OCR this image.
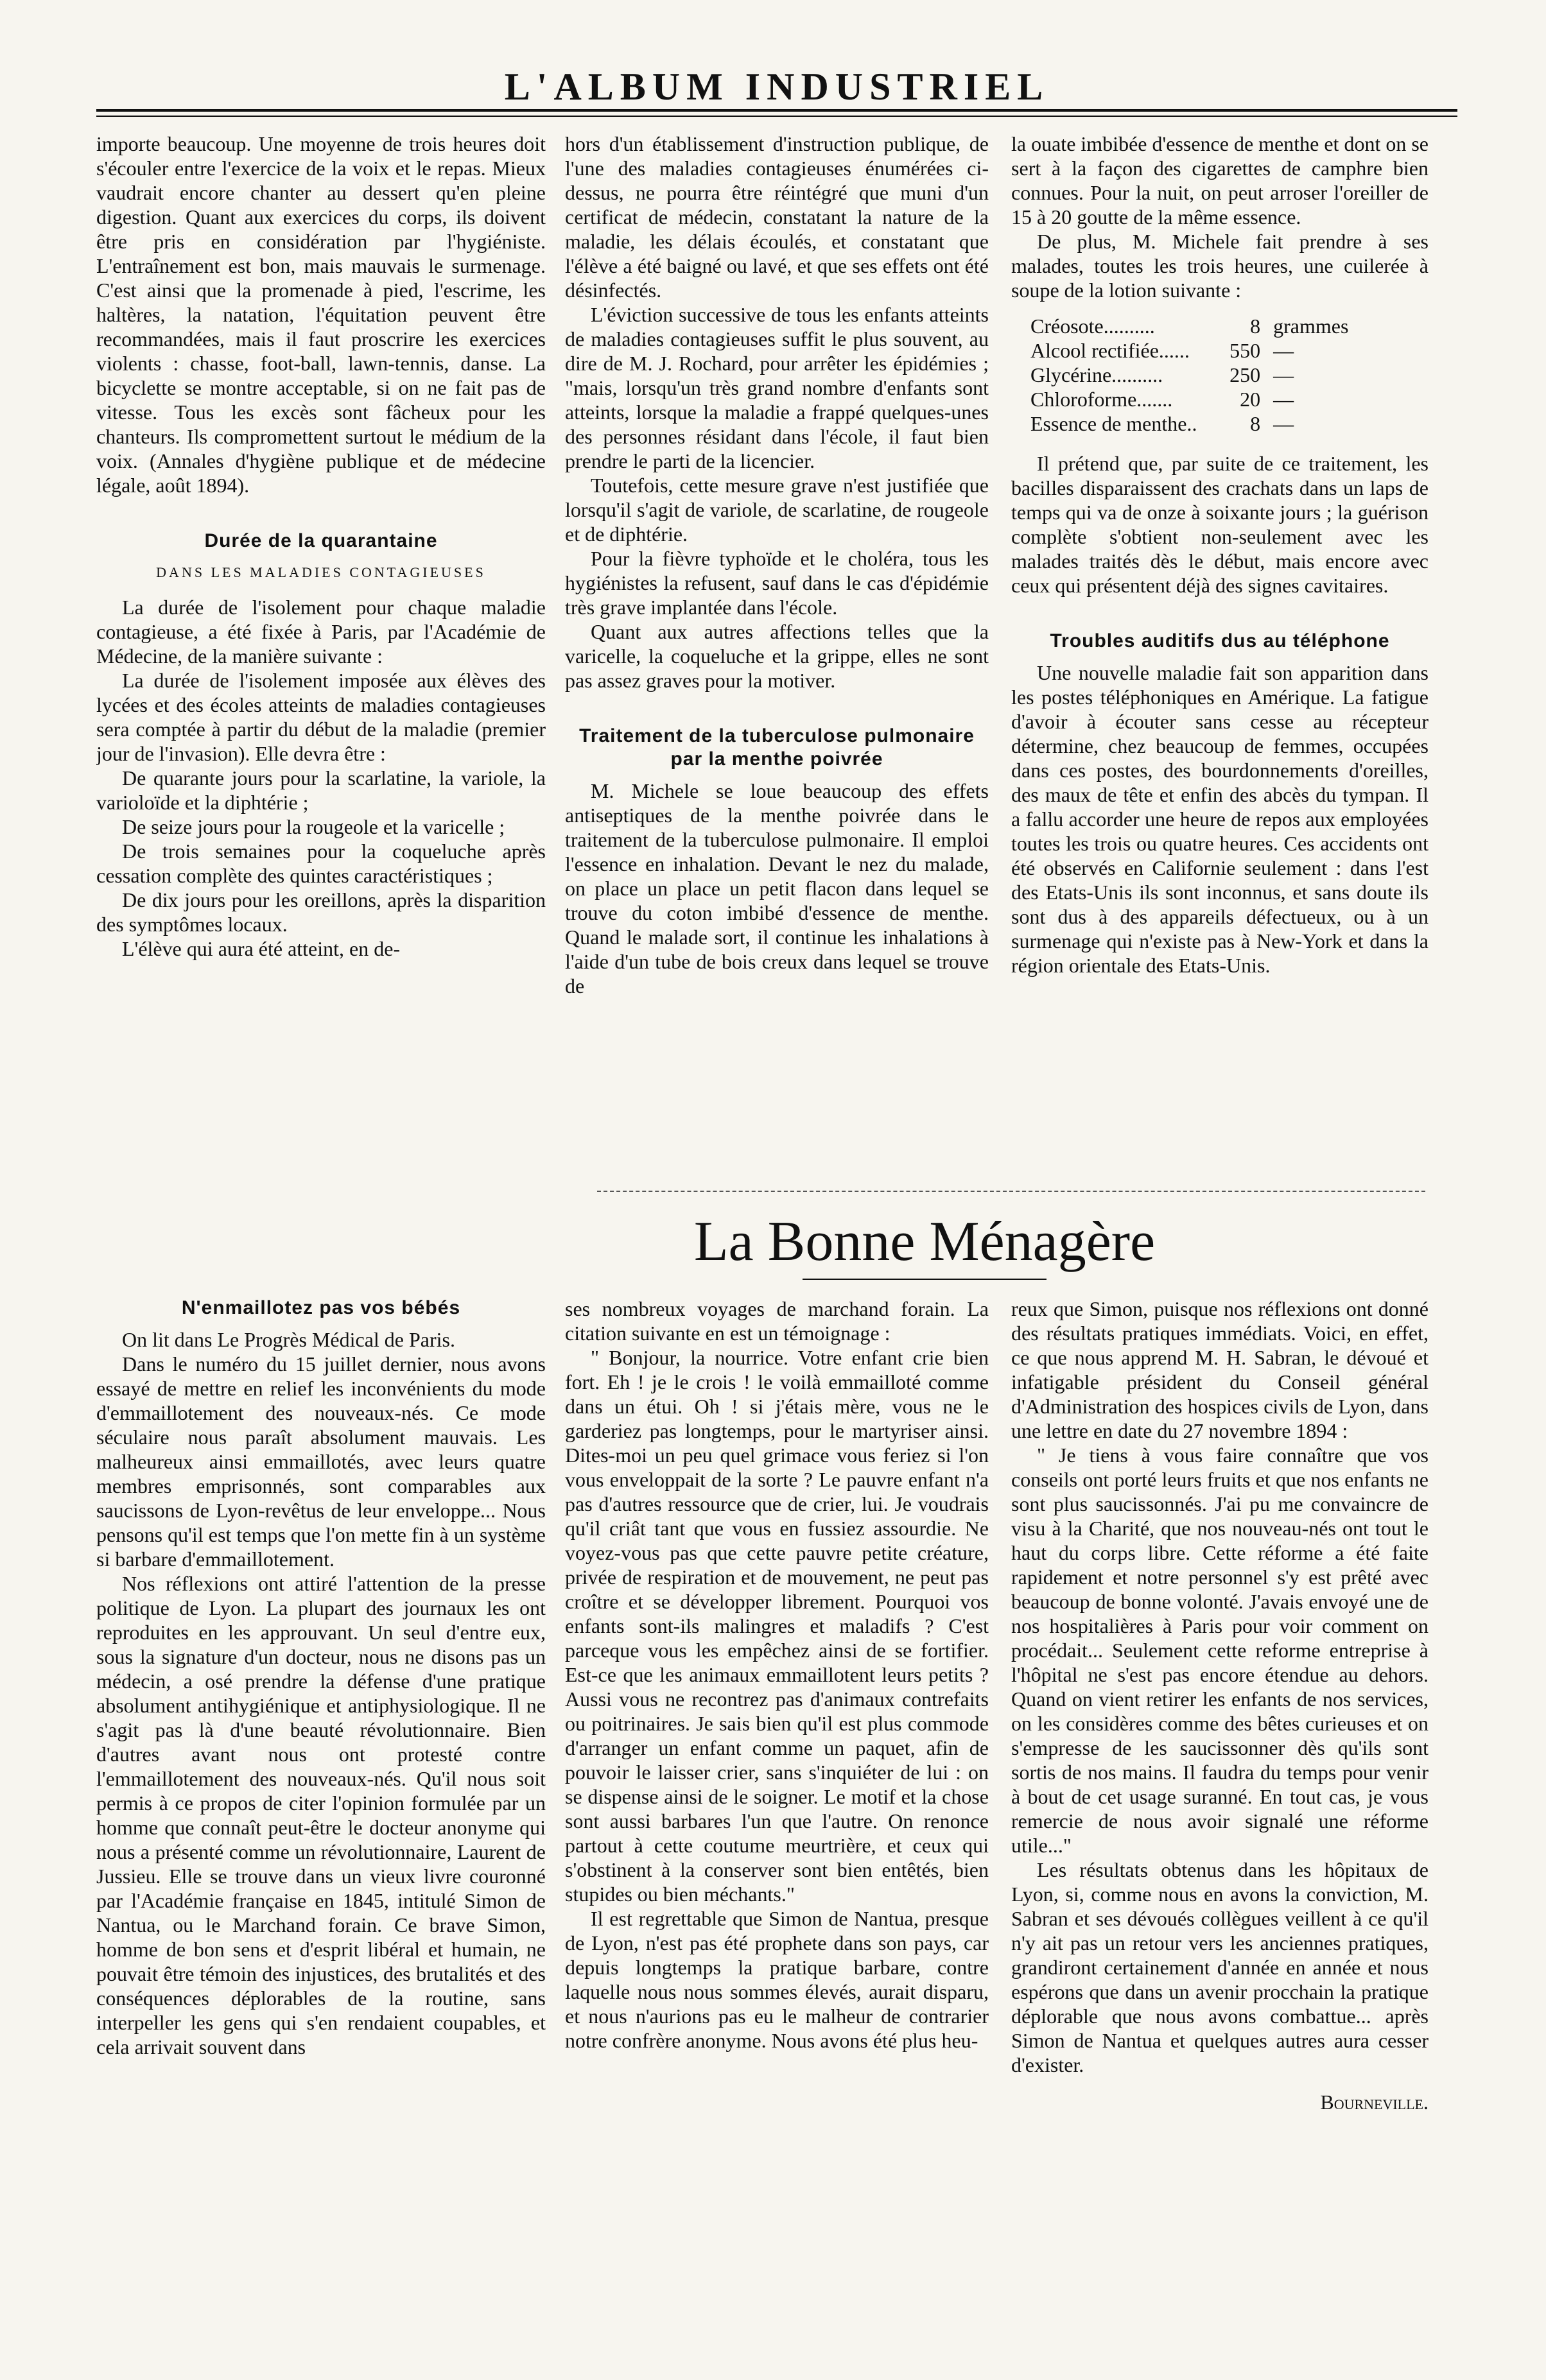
L'ALBUM INDUSTRIEL

importe beaucoup. Une moyenne de trois heures doit s'écouler entre l'exercice de la voix et le repas. Mieux vaudrait encore chanter au dessert qu'en pleine digestion. Quant aux exercices du corps, ils doivent être pris en considération par l'hygiéniste. L'entraînement est bon, mais mauvais le surmenage. C'est ainsi que la promenade à pied, l'escrime, les haltères, la natation, l'équitation peuvent être recommandées, mais il faut proscrire les exercices violents : chasse, foot-ball, lawn-tennis, danse. La bicyclette se montre acceptable, si on ne fait pas de vitesse. Tous les excès sont fâcheux pour les chanteurs. Ils compromettent surtout le médium de la voix. (Annales d'hygiène publique et de médecine légale, août 1894).

Durée de la quarantaine

DANS LES MALADIES CONTAGIEUSES

La durée de l'isolement pour chaque maladie contagieuse, a été fixée à Paris, par l'Académie de Médecine, de la manière suivante :

La durée de l'isolement imposée aux élèves des lycées et des écoles atteints de maladies contagieuses sera comptée à partir du début de la maladie (premier jour de l'invasion). Elle devra être :

De quarante jours pour la scarlatine, la variole, la varioloïde et la diphtérie ;
De seize jours pour la rougeole et la varicelle ;
De trois semaines pour la coqueluche après cessation complète des quintes caractéristiques ;
De dix jours pour les oreillons, après la disparition des symptômes locaux.

L'élève qui aura été atteint, en de-

hors d'un établissement d'instruction publique, de l'une des maladies contagieuses énumérées ci-dessus, ne pourra être réintégré que muni d'un certificat de médecin, constatant la nature de la maladie, les délais écoulés, et constatant que l'élève a été baigné ou lavé, et que ses effets ont été désinfectés.

L'éviction successive de tous les enfants atteints de maladies contagieuses suffit le plus souvent, au dire de M. J. Rochard, pour arrêter les épidémies ; "mais, lorsqu'un très grand nombre d'enfants sont atteints, lorsque la maladie a frappé quelques-unes des personnes résidant dans l'école, il faut bien prendre le parti de la licencier.

Toutefois, cette mesure grave n'est justifiée que lorsqu'il s'agit de variole, de scarlatine, de rougeole et de diphtérie.

Pour la fièvre typhoïde et le choléra, tous les hygiénistes la refusent, sauf dans le cas d'épidémie très grave implantée dans l'école.

Quant aux autres affections telles que la varicelle, la coqueluche et la grippe, elles ne sont pas assez graves pour la motiver.

Traitement de la tuberculose pulmonaire par la menthe poivrée

M. Michele se loue beaucoup des effets antiseptiques de la menthe poivrée dans le traitement de la tuberculose pulmonaire. Il emploi l'essence en inhalation. Devant le nez du malade, on place un place un petit flacon dans lequel se trouve du coton imbibé d'essence de menthe. Quand le malade sort, il continue les inhalations à l'aide d'un tube de bois creux dans lequel se trouve de

la ouate imbibée d'essence de menthe et dont on se sert à la façon des cigarettes de camphre bien connues. Pour la nuit, on peut arroser l'oreiller de 15 à 20 goutte de la même essence.

De plus, M. Michele fait prendre à ses malades, toutes les trois heures, une cuilerée à soupe de la lotion suivante :

Créosote..........	8	grammes
Alcool rectifiée......	550	—
Glycérine..........	250	—
Chloroforme.......	20	—
Essence de menthe..	8	—

Il prétend que, par suite de ce traitement, les bacilles disparaissent des crachats dans un laps de temps qui va de onze à soixante jours ; la guérison complète s'obtient non-seulement avec les malades traités dès le début, mais encore avec ceux qui présentent déjà des signes cavitaires.

Troubles auditifs dus au téléphone

Une nouvelle maladie fait son apparition dans les postes téléphoniques en Amérique. La fatigue d'avoir à écouter sans cesse au récepteur détermine, chez beaucoup de femmes, occupées dans ces postes, des bourdonnements d'oreilles, des maux de tête et enfin des abcès du tympan. Il a fallu accorder une heure de repos aux employées toutes les trois ou quatre heures. Ces accidents ont été observés en Californie seulement : dans l'est des Etats-Unis ils sont inconnus, et sans doute ils sont dus à des appareils défectueux, ou à un surmenage qui n'existe pas à New-York et dans la région orientale des Etats-Unis.

La Bonne Ménagère
N'enmaillotez pas vos bébés

On lit dans Le Progrès Médical de Paris.

Dans le numéro du 15 juillet dernier, nous avons essayé de mettre en relief les inconvénients du mode d'emmaillotement des nouveaux-nés. Ce mode séculaire nous paraît absolument mauvais. Les malheureux ainsi emmaillotés, avec leurs quatre membres emprisonnés, sont comparables aux saucissons de Lyon-revêtus de leur enveloppe... Nous pensons qu'il est temps que l'on mette fin à un système si barbare d'emmaillotement.

Nos réflexions ont attiré l'attention de la presse politique de Lyon. La plupart des journaux les ont reproduites en les approuvant. Un seul d'entre eux, sous la signature d'un docteur, nous ne disons pas un médecin, a osé prendre la défense d'une pratique absolument antihygiénique et antiphysiologique. Il ne s'agit pas là d'une beauté révolutionnaire. Bien d'autres avant nous ont protesté contre l'emmaillotement des nouveaux-nés. Qu'il nous soit permis à ce propos de citer l'opinion formulée par un homme que connaît peut-être le docteur anonyme qui nous a présenté comme un révolutionnaire, Laurent de Jussieu. Elle se trouve dans un vieux livre couronné par l'Académie française en 1845, intitulé Simon de Nantua, ou le Marchand forain. Ce brave Simon, homme de bon sens et d'esprit libéral et humain, ne pouvait être témoin des injustices, des brutalités et des conséquences déplorables de la routine, sans interpeller les gens qui s'en rendaient coupables, et cela arrivait souvent dans

ses nombreux voyages de marchand forain. La citation suivante en est un témoignage :

" Bonjour, la nourrice. Votre enfant crie bien fort. Eh ! je le crois ! le voilà emmailloté comme dans un étui. Oh ! si j'étais mère, vous ne le garderiez pas longtemps, pour le martyriser ainsi. Dites-moi un peu quel grimace vous feriez si l'on vous enveloppait de la sorte ? Le pauvre enfant n'a pas d'autres ressource que de crier, lui. Je voudrais qu'il criât tant que vous en fussiez assourdie. Ne voyez-vous pas que cette pauvre petite créature, privée de respiration et de mouvement, ne peut pas croître et se développer librement. Pourquoi vos enfants sont-ils malingres et maladifs ? C'est parceque vous les empêchez ainsi de se fortifier. Est-ce que les animaux emmaillotent leurs petits ? Aussi vous ne recontrez pas d'animaux contrefaits ou poitrinaires. Je sais bien qu'il est plus commode d'arranger un enfant comme un paquet, afin de pouvoir le laisser crier, sans s'inquiéter de lui : on se dispense ainsi de le soigner. Le motif et la chose sont aussi barbares l'un que l'autre. On renonce partout à cette coutume meurtrière, et ceux qui s'obstinent à la conserver sont bien entêtés, bien stupides ou bien méchants."

Il est regrettable que Simon de Nantua, presque de Lyon, n'est pas été prophete dans son pays, car depuis longtemps la pratique barbare, contre laquelle nous nous sommes élevés, aurait disparu, et nous n'aurions pas eu le malheur de contrarier notre confrère anonyme. Nous avons été plus heu-

reux que Simon, puisque nos réflexions ont donné des résultats pratiques immédiats. Voici, en effet, ce que nous apprend M. H. Sabran, le dévoué et infatigable président du Conseil général d'Administration des hospices civils de Lyon, dans une lettre en date du 27 novembre 1894 :

" Je tiens à vous faire connaître que vos conseils ont porté leurs fruits et que nos enfants ne sont plus saucissonnés. J'ai pu me convaincre de visu à la Charité, que nos nouveau-nés ont tout le haut du corps libre. Cette réforme a été faite rapidement et notre personnel s'y est prêté avec beaucoup de bonne volonté. J'avais envoyé une de nos hospitalières à Paris pour voir comment on procédait... Seulement cette reforme entreprise à l'hôpital ne s'est pas encore étendue au dehors. Quand on vient retirer les enfants de nos services, on les considères comme des bêtes curieuses et on s'empresse de les saucissonner dès qu'ils sont sortis de nos mains. Il faudra du temps pour venir à bout de cet usage suranné. En tout cas, je vous remercie de nous avoir signalé une réforme utile..."

Les résultats obtenus dans les hôpitaux de Lyon, si, comme nous en avons la conviction, M. Sabran et ses dévoués collègues veillent à ce qu'il n'y ait pas un retour vers les anciennes pratiques, grandiront certainement d'année en année et nous espérons que dans un avenir procchain la pratique déplorable que nous avons combattue... après Simon de Nantua et quelques autres aura cesser d'exister.

Bourneville.
